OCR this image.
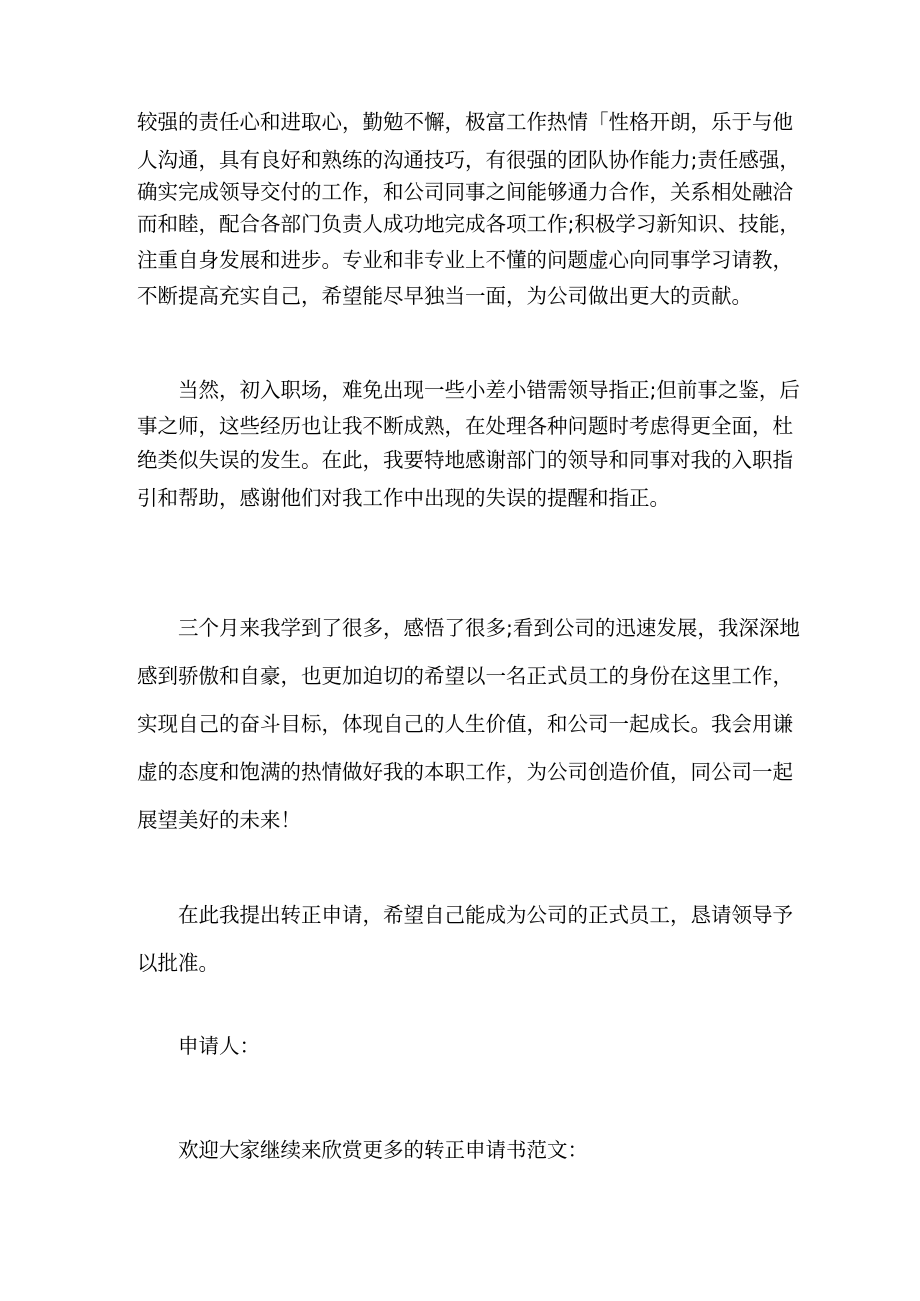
较强的责任心和进取心，勤勉不懈，极富工作热情「性格开朗，乐于与他

人沟通，具有良好和熟练的沟通技巧，有很强的团队协作能力;责任感强，

确实完成领导交付的工作，和公司同事之间能够通力合作，关系相处融洽

而和睦，配合各部门负责人成功地完成各项工作;积极学习新知识、技能，

注重自身发展和进步。专业和非专业上不懂的问题虚心向同事学习请教，

不断提高充实自己，希望能尽早独当一面，为公司做出更大的贡献。

当然，初入职场，难免出现一些小差小错需领导指正;但前事之鉴，后

事之师，这些经历也让我不断成熟，在处理各种问题时考虑得更全面，杜

绝类似失误的发生。在此，我要特地感谢部门的领导和同事对我的入职指

引和帮助，感谢他们对我工作中出现的失误的提醒和指正。

三个月来我学到了很多，感悟了很多;看到公司的迅速发展，我深深地

感到骄傲和自豪，也更加迫切的希望以一名正式员工的身份在这里工作，

实现自己的奋斗目标，体现自己的人生价值，和公司一起成长。我会用谦

虚的态度和饱满的热情做好我的本职工作，为公司创造价值，同公司一起

展望美好的未来！

在此我提出转正申请，希望自己能成为公司的正式员工，恳请领导予

以批准。

申请人：

欢迎大家继续来欣赏更多的转正申请书范文：
